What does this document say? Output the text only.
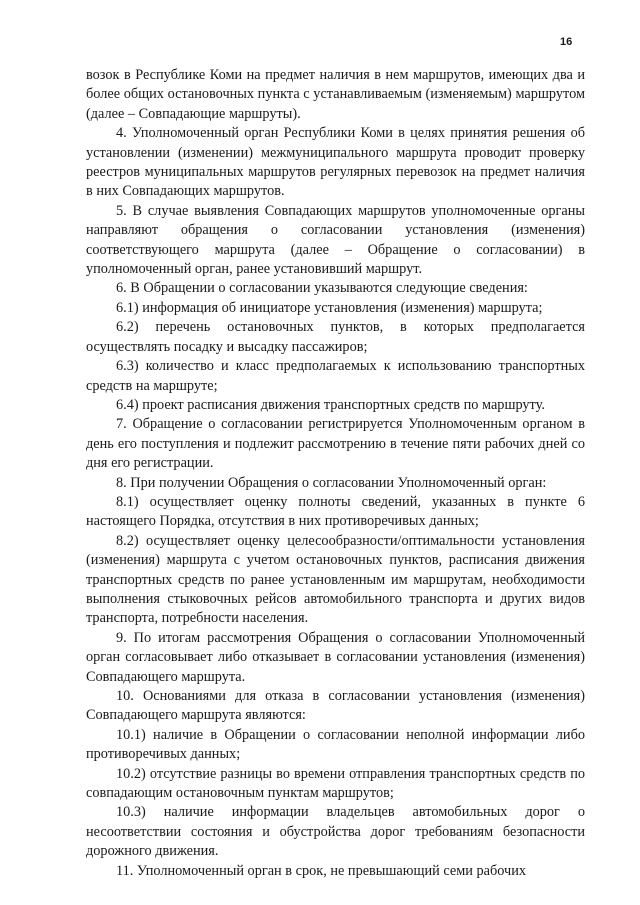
16

возок в Республике Коми на предмет наличия в нем маршрутов, имеющих два и более общих остановочных пункта с устанавливаемым (изменяемым) маршрутом (далее – Совпадающие маршруты).

4. Уполномоченный орган Республики Коми в целях принятия решения об установлении (изменении) межмуниципального маршрута проводит проверку реестров муниципальных маршрутов регулярных перевозок на предмет наличия в них Совпадающих маршрутов.

5. В случае выявления Совпадающих маршрутов уполномоченные органы направляют обращения о согласовании установления (изменения) соответствующего маршрута (далее – Обращение о согласовании) в уполномоченный орган, ранее установивший маршрут.

6. В Обращении о согласовании указываются следующие сведения:

6.1) информация об инициаторе установления (изменения) маршрута;

6.2) перечень остановочных пунктов, в которых предполагается осуществлять посадку и высадку пассажиров;

6.3) количество и класс предполагаемых к использованию транспортных средств на маршруте;

6.4) проект расписания движения транспортных средств по маршруту.

7. Обращение о согласовании регистрируется Уполномоченным органом в день его поступления и подлежит рассмотрению в течение пяти рабочих дней со дня его регистрации.

8. При получении Обращения о согласовании Уполномоченный орган:

8.1) осуществляет оценку полноты сведений, указанных в пункте 6 настоящего Порядка, отсутствия в них противоречивых данных;

8.2) осуществляет оценку целесообразности/оптимальности установления (изменения) маршрута с учетом остановочных пунктов, расписания движения транспортных средств по ранее установленным им маршрутам, необходимости выполнения стыковочных рейсов автомобильного транспорта и других видов транспорта, потребности населения.

9. По итогам рассмотрения Обращения о согласовании Уполномоченный орган согласовывает либо отказывает в согласовании установления (изменения) Совпадающего маршрута.

10. Основаниями для отказа в согласовании установления (изменения) Совпадающего маршрута являются:

10.1) наличие в Обращении о согласовании неполной информации либо противоречивых данных;

10.2) отсутствие разницы во времени отправления транспортных средств по совпадающим остановочным пунктам маршрутов;

10.3) наличие информации владельцев автомобильных дорог о несоответствии состояния и обустройства дорог требованиям безопасности дорожного движения.

11. Уполномоченный орган в срок, не превышающий семи рабочих
